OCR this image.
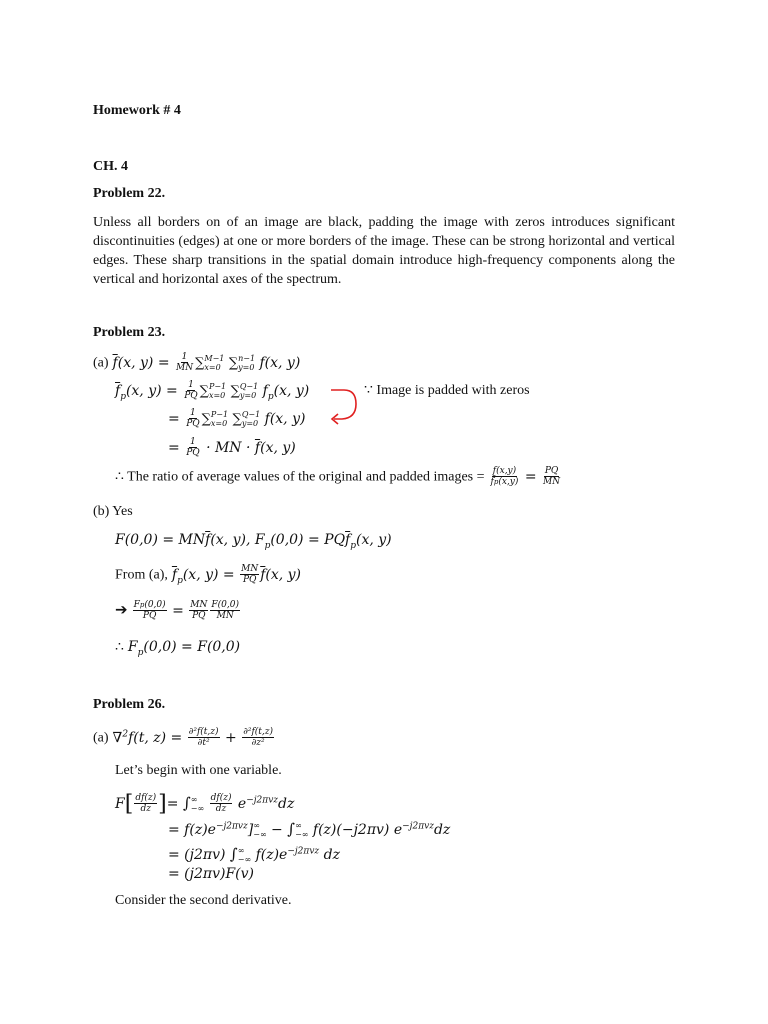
Homework # 4
CH. 4
Problem 22.

Unless all borders on of an image are black, padding the image with zeros introduces significant discontinuities (edges) at one or more borders of the image. These can be strong horizontal and vertical edges. These sharp transitions in the spatial domain introduce high-frequency components along the vertical and horizontal axes of the spectrum.

Problem 23.
(a) $\overline{f}(x$, $y) = \frac{1}{MN} \sum M-1$
x=0 ∑n−1
y=0 f(x, y)
$\overline{f}_p(x$, $y) = \frac{1}{PQ} \sum P-1$
x=0 ∑Q−1
y=0 $f_p(x$, y)	∵ Image is padded with zeros
= $\frac{1}{PQ} \sum P-1$
x=0 ∑Q−1
y=0 f(x, y)
= $\frac{1}{PQ}$ · MN · $\overline{f}(x$, y)
∴ The ratio of average values of the original and padded images = $\frac{f(x,y)}{f̄p(x,y)} = \frac{PQ}{MN}$
(b) Yes
$F(0,0) = MN\overline{f}(x$, y), $F_p(0,0) = PQ\overline{f}_p(x$, y)
From (a), $\overline{f}_p(x$, $y) = \frac{MN}{PQ} \overline{f}(x$, y)
➔ $\frac{Fp(0,0)}{PQ} = \frac{MN}{PQ} \frac{F(0,0)}{MN}$
∴ $F_p(0,0) = F(0,0)$
Problem 26.
(a) ∇$^2$f(t, $z) = \frac{\text{∂²f(t,z)}}{\text{∂t²}} + \frac{\text{∂²f(t,z)}}{\text{∂z²}}$
Let’s begin with one variable.
$F[ \frac{df(z)}{dz}$ ]= ∫∞
−∞ $\frac{df(z)}{dz} e^{-j2\pi vz}dz$
= $f(z)e^{-j2\pi vz}]\infty$
−∞ − ∫∞
−∞ f(z)(−j2πv) $e^{-j2\pi vz}dz$
= (j2πv) ∫∞
−∞ $f(z)e^{-j2\pi vz}$ dz
= (j2πv)F(v)
Consider the second derivative.
